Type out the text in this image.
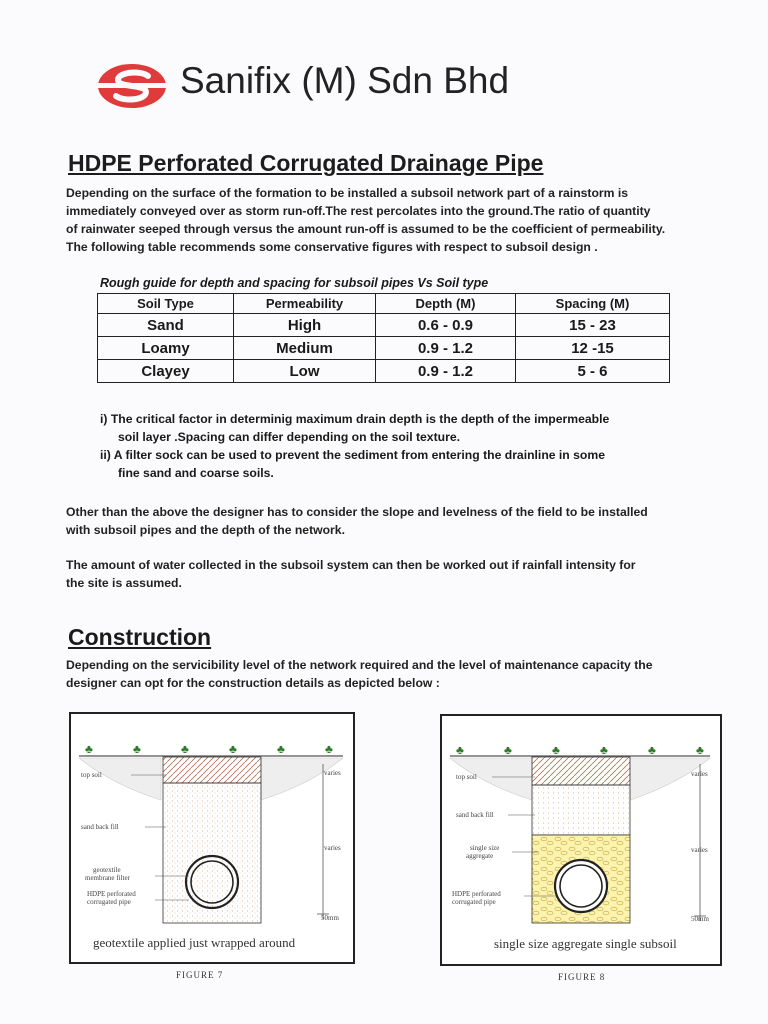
Sanifix (M) Sdn Bhd
HDPE Perforated Corrugated Drainage Pipe
Depending on the surface of the formation to be installed a subsoil network part of a rainstorm is
immediately conveyed over as storm run-off.The rest percolates into the ground.The ratio of quantity
of rainwater seeped through versus the amount run-off is assumed to be the coefficient of permeability.
The following table recommends some conservative figures with respect to subsoil design .
Rough guide for depth and spacing for subsoil pipes Vs Soil type
Soil Type	Permeability	Depth (M)	Spacing (M)
Sand	High	0.6 - 0.9	15 - 23
Loamy	Medium	0.9 - 1.2	12 -15
Clayey	Low	0.9 - 1.2	5 - 6
i) The critical factor in determinig maximum drain depth is the depth of the impermeable
soil layer .Spacing can differ depending on the soil texture.
ii) A filter sock can be used to prevent the sediment from entering the drainline in some
fine sand and coarse soils.
Other than the above the designer has to consider the slope and levelness of the field to be installed
with subsoil pipes and the depth of the network.
The amount of water collected in the subsoil system can then be worked out if rainfall intensity for
the site is assumed.
Construction
Depending on the servicibility level of the network required and the level of maintenance capacity the
designer can opt for the construction details as depicted below :
♣	♣	♣	♣	♣	♣
top soil
sand back fill
geotextile
membrane filter
HDPE perforated
corrugated pipe
varies
varies
50mm
geotextile applied just wrapped around
FIGURE 7
♣	♣	♣	♣	♣	♣
top soil
sand back fill
single size
aggregate
HDPE perforated
corrugated pipe
varies
varies
50mm
single size aggregate single subsoil
FIGURE 8
